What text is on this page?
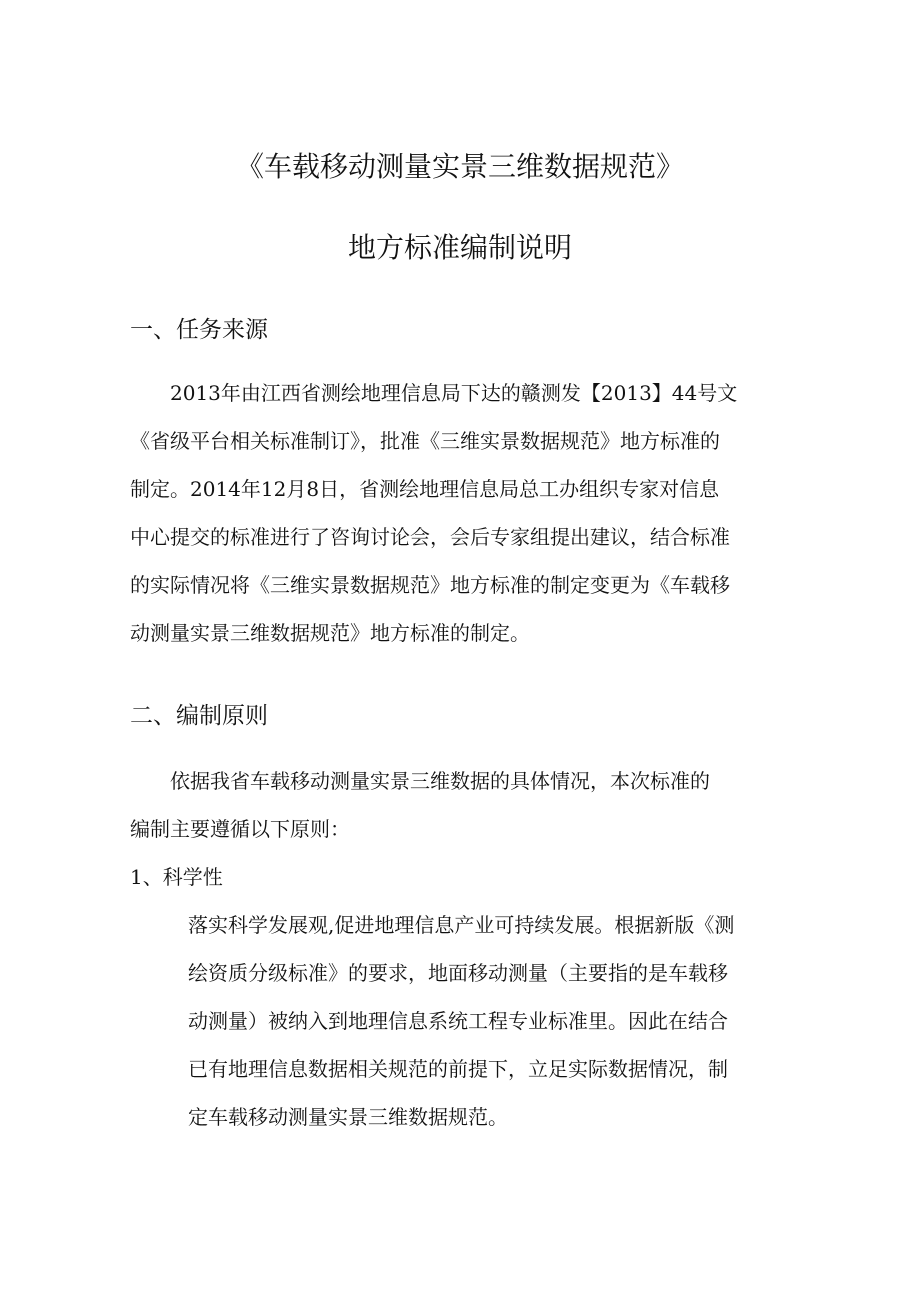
《车载移动测量实景三维数据规范》
地方标准编制说明
一、任务来源
　　2013年由江西省测绘地理信息局下达的赣测发【2013】44号文
《省级平台相关标准制订》，批准《三维实景数据规范》地方标准的
制定。2014年12月8日，省测绘地理信息局总工办组织专家对信息
中心提交的标准进行了咨询讨论会，会后专家组提出建议，结合标准
的实际情况将《三维实景数据规范》地方标准的制定变更为《车载移
动测量实景三维数据规范》地方标准的制定。
二、编制原则
　　依据我省车载移动测量实景三维数据的具体情况，本次标准的
编制主要遵循以下原则：
1、科学性
落实科学发展观,促进地理信息产业可持续发展。根据新版《测
绘资质分级标准》的要求，地面移动测量（主要指的是车载移
动测量）被纳入到地理信息系统工程专业标准里。因此在结合
已有地理信息数据相关规范的前提下，立足实际数据情况，制
定车载移动测量实景三维数据规范。
